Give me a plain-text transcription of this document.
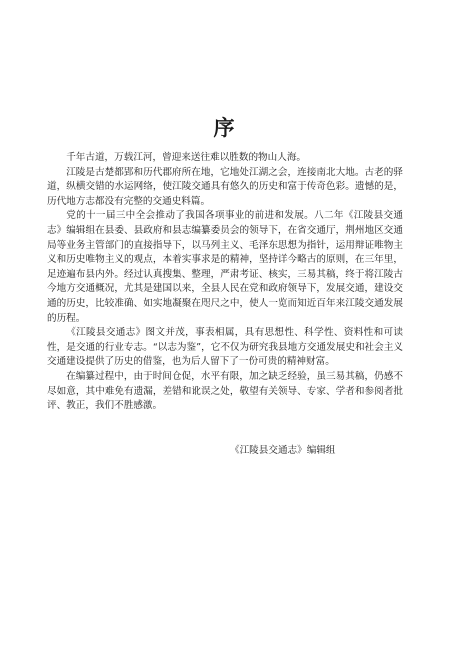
序

千年古道，万载江河，曾迎来送往难以胜数的物山人海。

江陵是古楚都郢和历代郡府所在地，它地处江湖之会，连接南北大地。古老的驿道，纵横交错的水运网络，使江陵交通具有悠久的历史和富于传奇色彩。遗憾的是，历代地方志都没有完整的交通史料篇。

党的十一届三中全会推动了我国各项事业的前进和发展。八二年《江陵县交通志》编辑组在县委、县政府和县志编纂委员会的领导下，在省交通厅，荆州地区交通局等业务主管部门的直接指导下，以马列主义、毛泽东思想为指针，运用辩证唯物主义和历史唯物主义的观点，本着实事求是的精神，坚持详今略古的原则，在三年里，足迹遍布县内外。经过认真搜集、整理，严肃考证、核实，三易其稿，终于将江陵古今地方交通概况，尤其是建国以来，全县人民在党和政府领导下，发展交通，建设交通的历史，比较准确、如实地凝聚在咫尺之中，使人一览而知近百年来江陵交通发展的历程。

《江陵县交通志》图文并茂，事表相属，具有思想性、科学性、资料性和可读性，是交通的行业专志。“以志为鉴”，它不仅为研究我县地方交通发展史和社会主义交通建设提供了历史的借鉴，也为后人留下了一份可贵的精神财富。

在编纂过程中，由于时间仓促，水平有限，加之缺乏经验，虽三易其稿，仍感不尽如意，其中难免有遗漏，差错和讹误之处，敬望有关领导、专家、学者和参阅者批评、教正，我们不胜感激。

《江陵县交通志》编辑组
